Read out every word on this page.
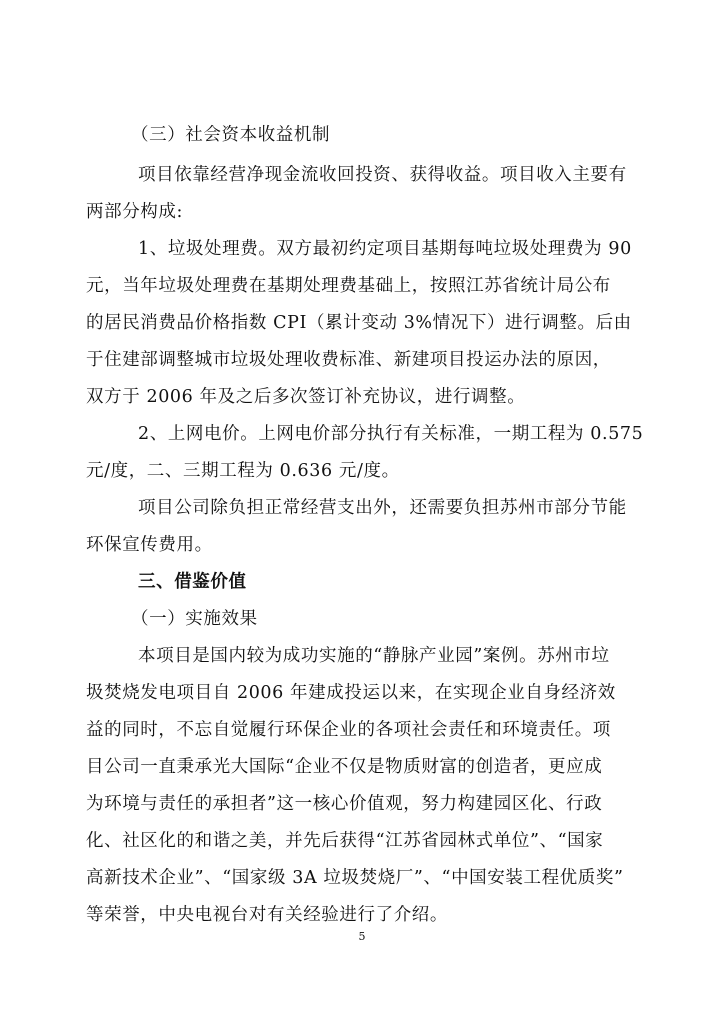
（三）社会资本收益机制
项目依靠经营净现金流收回投资、获得收益。项目收入主要有
两部分构成:
1、垃圾处理费。双方最初约定项目基期每吨垃圾处理费为 90
元，当年垃圾处理费在基期处理费基础上，按照江苏省统计局公布
的居民消费品价格指数 CPI（累计变动 3%情况下）进行调整。后由
于住建部调整城市垃圾处理收费标准、新建项目投运办法的原因，
双方于 2006 年及之后多次签订补充协议，进行调整。
2、上网电价。上网电价部分执行有关标准，一期工程为 0.575
元/度，二、三期工程为 0.636 元/度。
项目公司除负担正常经营支出外，还需要负担苏州市部分节能
环保宣传费用。
三、借鉴价值
（一）实施效果
本项目是国内较为成功实施的“静脉产业园”案例。苏州市垃
圾焚烧发电项目自 2006 年建成投运以来，在实现企业自身经济效
益的同时，不忘自觉履行环保企业的各项社会责任和环境责任。项
目公司一直秉承光大国际“企业不仅是物质财富的创造者，更应成
为环境与责任的承担者”这一核心价值观，努力构建园区化、行政
化、社区化的和谐之美，并先后获得“江苏省园林式单位”、“国家
高新技术企业”、“国家级 3A 垃圾焚烧厂”、“中国安装工程优质奖”
等荣誉，中央电视台对有关经验进行了介绍。
5
